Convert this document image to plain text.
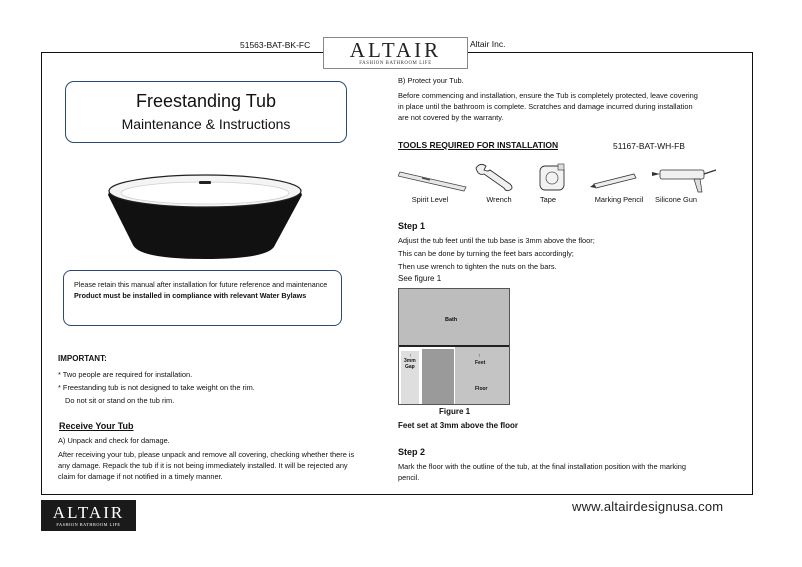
51563-BAT-BK-FC	Altair Inc.
ALTAIR
FASHION BATHROOM LIFE
Freestanding Tub
Maintenance & Instructions
Please retain this manual after installation for future reference and maintenance
Product must be installed in compliance with relevant Water Bylaws
IMPORTANT:
* Two people are required for installation.
* Freestanding tub is not designed to take weight on the rim.
Do not sit or stand on the tub rim.
Receive Your Tub
A) Unpack and check for damage.
After receiving your tub, please unpack and remove all covering, checking whether there is
any damage. Repack the tub if it is not being immediately installed. It will be rejected any
claim for damage if not notified in a timely manner.
B) Protect your Tub.
Before commencing and installation, ensure the Tub is completely protected, leave covering
in place until the bathroom is complete. Scratches and damage incurred during installation
are not covered by the warranty.
TOOLS REQUIRED FOR INSTALLATION	51167-BAT-WH-FB
Spirit Level	Wrench	Tape	Marking Pencil	Silicone Gun
Step 1
Adjust the tub feet until the tub base is 3mm above the floor;
This can be done by turning the feet bars accordingly;
Then use wrench to tighten the nuts on the bars.
See figure 1
Bath
↑
3mm
Gap
↑
Feet
Floor
Figure 1
Feet set at 3mm above the floor
Step 2
Mark the floor with the outline of the tub, at the final installation position with the marking
pencil.
ALTAIR
FASHION BATHROOM LIFE
www.altairdesignusa.com
